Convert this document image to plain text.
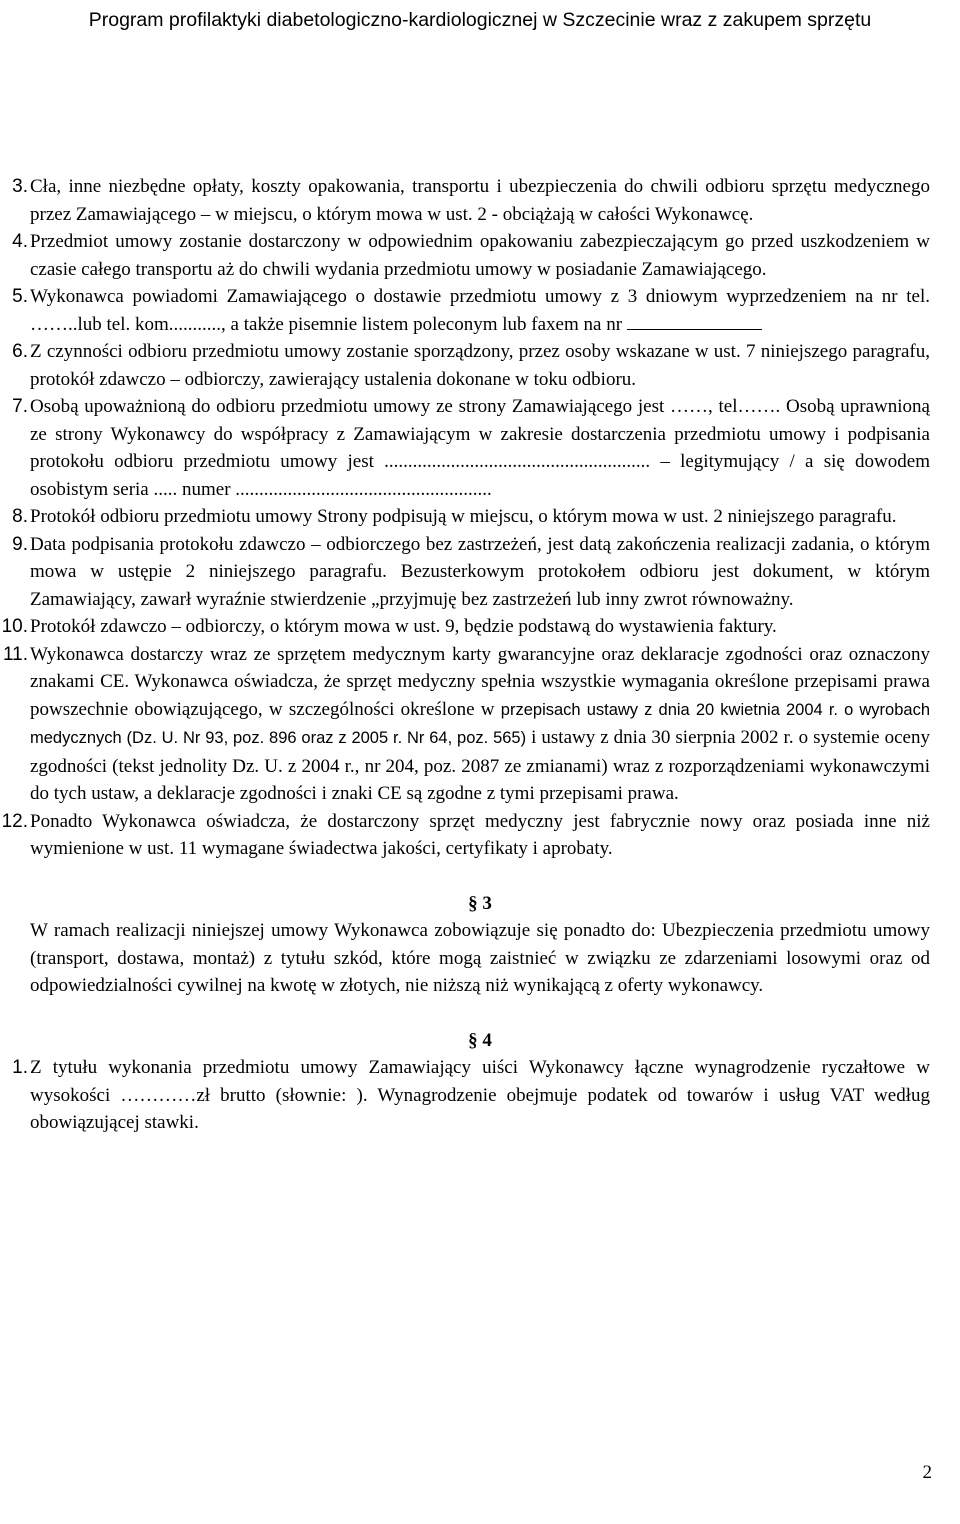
Program profilaktyki diabetologiczno-kardiologicznej w Szczecinie wraz z zakupem sprzętu
3. Cła, inne niezbędne opłaty, koszty opakowania, transportu i ubezpieczenia do chwili odbioru sprzętu medycznego przez Zamawiającego – w miejscu, o którym mowa w ust. 2 - obciążają w całości Wykonawcę.
4. Przedmiot umowy zostanie dostarczony w odpowiednim opakowaniu zabezpieczającym go przed uszkodzeniem w czasie całego transportu aż do chwili wydania przedmiotu umowy w posiadanie Zamawiającego.
5. Wykonawca powiadomi Zamawiającego o dostawie przedmiotu umowy z 3 dniowym wyprzedzeniem na nr tel. ……..lub tel. kom..........., a także pisemnie listem poleconym lub faxem na nr
6. Z czynności odbioru przedmiotu umowy zostanie sporządzony, przez osoby wskazane w ust. 7 niniejszego paragrafu, protokół zdawczo – odbiorczy, zawierający ustalenia dokonane w toku odbioru.
7. Osobą upoważnioną do odbioru przedmiotu umowy ze strony Zamawiającego jest ……, tel……. Osobą uprawnioną ze strony Wykonawcy do współpracy z Zamawiającym w zakresie dostarczenia przedmiotu umowy i podpisania protokołu odbioru przedmiotu umowy jest ........................................................ – legitymujący / a się dowodem osobistym seria ..... numer ......................................................
8. Protokół odbioru przedmiotu umowy Strony podpisują w miejscu, o którym mowa w ust. 2 niniejszego paragrafu.
9. Data podpisania protokołu zdawczo – odbiorczego bez zastrzeżeń, jest datą zakończenia realizacji zadania, o którym mowa w ustępie 2 niniejszego paragrafu. Bezusterkowym protokołem odbioru jest dokument, w którym Zamawiający, zawarł wyraźnie stwierdzenie „przyjmuję bez zastrzeżeń lub inny zwrot równoważny.
10. Protokół zdawczo – odbiorczy, o którym mowa w ust. 9, będzie podstawą do wystawienia faktury.
11. Wykonawca dostarczy wraz ze sprzętem medycznym karty gwarancyjne oraz deklaracje zgodności oraz oznaczony znakami CE. Wykonawca oświadcza, że sprzęt medyczny spełnia wszystkie wymagania określone przepisami prawa powszechnie obowiązującego, w szczególności określone w przepisach ustawy z dnia 20 kwietnia 2004 r. o wyrobach medycznych (Dz. U. Nr 93, poz. 896 oraz z 2005 r. Nr 64, poz. 565) i ustawy z dnia 30 sierpnia 2002 r. o systemie oceny zgodności (tekst jednolity Dz. U. z 2004 r., nr 204, poz. 2087 ze zmianami) wraz z rozporządzeniami wykonawczymi do tych ustaw, a deklaracje zgodności i znaki CE są zgodne z tymi przepisami prawa.
12. Ponadto Wykonawca oświadcza, że dostarczony sprzęt medyczny jest fabrycznie nowy oraz posiada inne niż wymienione w ust. 11 wymagane świadectwa jakości, certyfikaty i aprobaty.
§ 3

W ramach realizacji niniejszej umowy Wykonawca zobowiązuje się ponadto do: Ubezpieczenia przedmiotu umowy (transport, dostawa, montaż) z tytułu szkód, które mogą zaistnieć w związku ze zdarzeniami losowymi oraz od odpowiedzialności cywilnej na kwotę w złotych, nie niższą niż wynikającą z oferty wykonawcy.

§ 4
1. Z tytułu wykonania przedmiotu umowy Zamawiający uiści Wykonawcy łączne wynagrodzenie ryczałtowe w wysokości …………zł brutto (słownie: ). Wynagrodzenie obejmuje podatek od towarów i usług VAT według obowiązującej stawki.
2
